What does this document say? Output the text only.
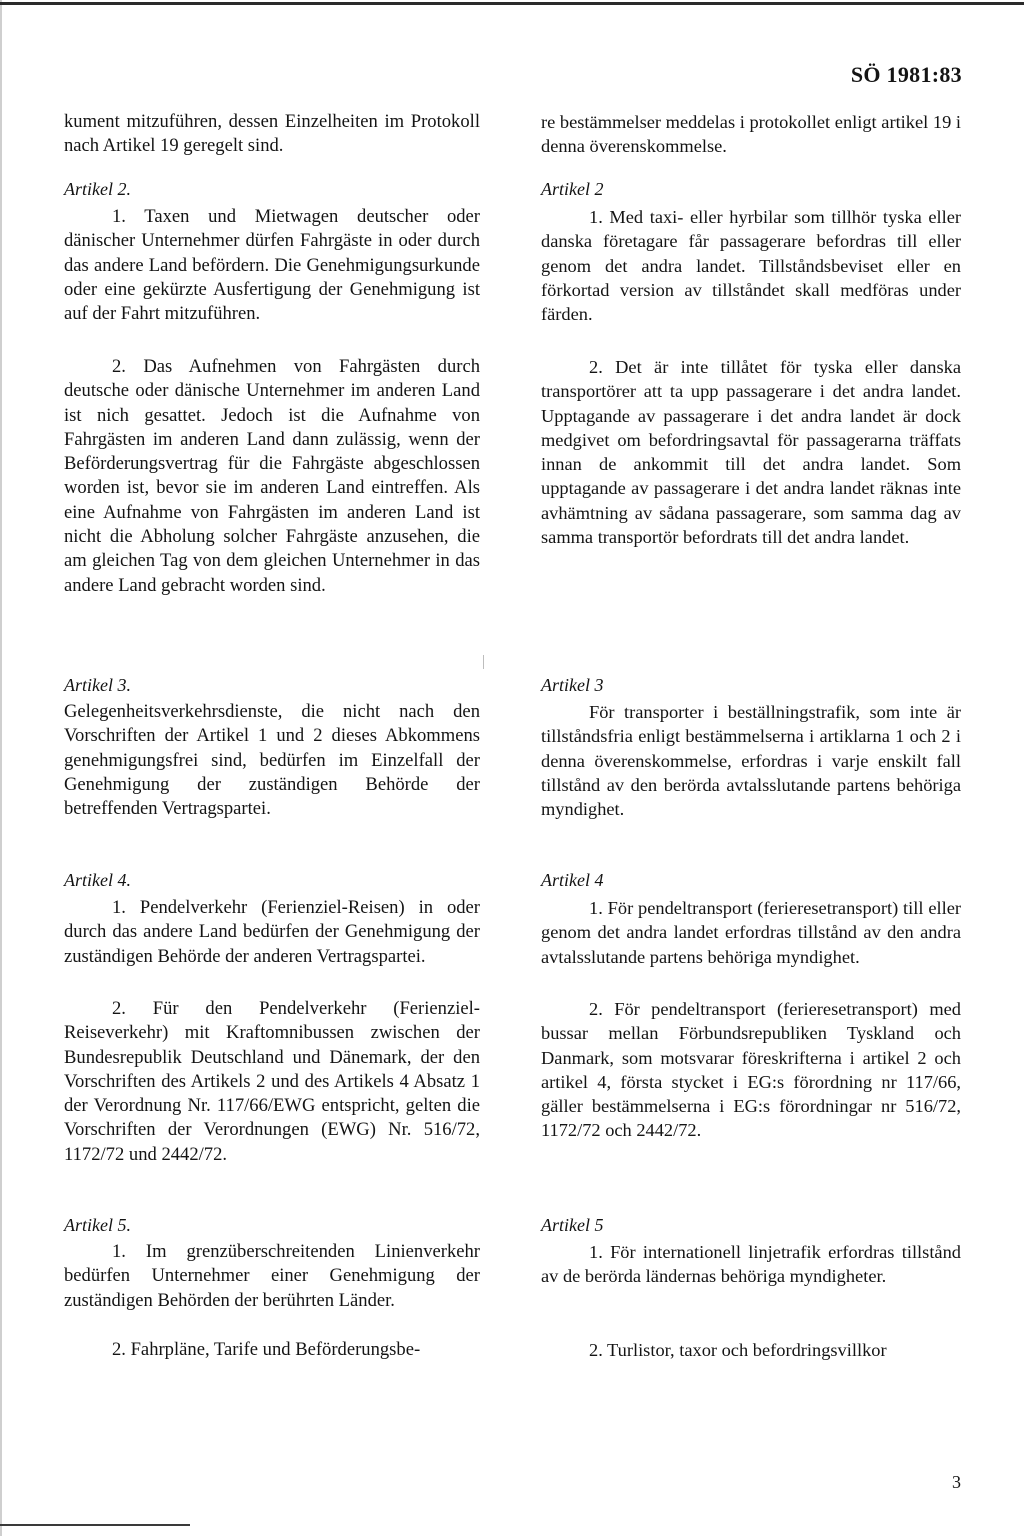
SÖ 1981:83

kument mitzuführen, dessen Einzelheiten im Protokoll nach Artikel 19 geregelt sind.

Artikel 2.

1. Taxen und Mietwagen deutscher oder dänischer Unternehmer dürfen Fahrgäste in oder durch das andere Land befördern. Die Genehmigungsurkunde oder eine gekürzte Ausfertigung der Genehmigung ist auf der Fahrt mitzuführen.

2. Das Aufnehmen von Fahrgästen durch deutsche oder dänische Unternehmer im anderen Land ist nich gesattet. Jedoch ist die Aufnahme von Fahrgästen im anderen Land dann zulässig, wenn der Beförderungsvertrag für die Fahrgäste abgeschlossen worden ist, bevor sie im anderen Land eintreffen. Als eine Aufnahme von Fahrgästen im anderen Land ist nicht die Abholung solcher Fahrgäste anzusehen, die am gleichen Tag von dem gleichen Unternehmer in das andere Land gebracht worden sind.

Artikel 3.

Gelegenheitsverkehrsdienste, die nicht nach den Vorschriften der Artikel 1 und 2 dieses Abkommens genehmigungsfrei sind, bedürfen im Einzelfall der Genehmigung der zuständigen Behörde der betreffenden Vertragspartei.

Artikel 4.

1. Pendelverkehr (Ferienziel-Reisen) in oder durch das andere Land bedürfen der Genehmigung der zuständigen Behörde der anderen Vertragspartei.

2. Für den Pendelverkehr (Ferienziel-Reiseverkehr) mit Kraftomnibussen zwischen der Bundesrepublik Deutschland und Dänemark, der den Vorschriften des Artikels 2 und des Artikels 4 Absatz 1 der Verordnung Nr. 117/66/EWG entspricht, gelten die Vorschriften der Verordnungen (EWG) Nr. 516/72, 1172/72 und 2442/72.

Artikel 5.

1. Im grenzüberschreitenden Linienverkehr bedürfen Unternehmer einer Genehmigung der zuständigen Behörden der berührten Länder.

2. Fahrpläne, Tarife und Beförderungsbe-

re bestämmelser meddelas i protokollet enligt artikel 19 i denna överenskommelse.

Artikel 2

1. Med taxi- eller hyrbilar som tillhör tyska eller danska företagare får passagerare befordras till eller genom det andra landet. Tillståndsbeviset eller en förkortad version av tillståndet skall medföras under färden.

2. Det är inte tillåtet för tyska eller danska transportörer att ta upp passagerare i det andra landet. Upptagande av passagerare i det andra landet är dock medgivet om befordringsavtal för passagerarna träffats innan de ankommit till det andra landet. Som upptagande av passagerare i det andra landet räknas inte avhämtning av sådana passagerare, som samma dag av samma transportör befordrats till det andra landet.

Artikel 3

För transporter i beställningstrafik, som inte är tillståndsfria enligt bestämmelserna i artiklarna 1 och 2 i denna överenskommelse, erfordras i varje enskilt fall tillstånd av den berörda avtalsslutande partens behöriga myndighet.

Artikel 4

1. För pendeltransport (ferieresetransport) till eller genom det andra landet erfordras tillstånd av den andra avtalsslutande partens behöriga myndighet.

2. För pendeltransport (ferieresetransport) med bussar mellan Förbundsrepubliken Tyskland och Danmark, som motsvarar föreskrifterna i artikel 2 och artikel 4, första stycket i EG:s förordning nr 117/66, gäller bestämmelserna i EG:s förordningar nr 516/72, 1172/72 och 2442/72.

Artikel 5

1. För internationell linjetrafik erfordras tillstånd av de berörda ländernas behöriga myndigheter.

2. Turlistor, taxor och befordringsvillkor

3
